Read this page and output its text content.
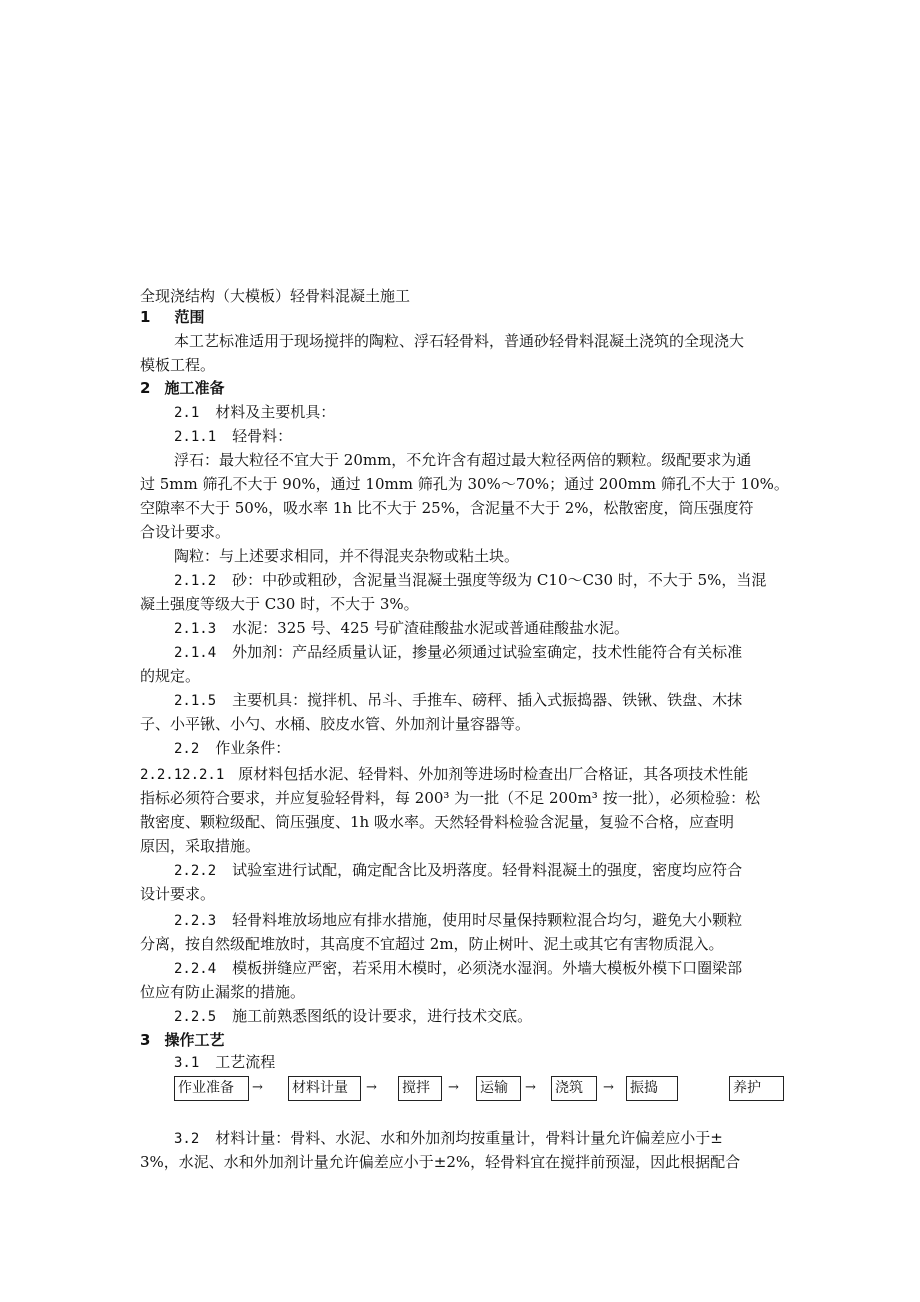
全现浇结构（大模板）轻骨料混凝土施工
1 范围
本工艺标准适用于现场搅拌的陶粒、浮石轻骨料，普通砂轻骨料混凝土浇筑的全现浇大
模板工程。
2 施工准备
2.1 材料及主要机具：
2.1.1 轻骨料：
浮石：最大粒径不宜大于 20mm，不允许含有超过最大粒径两倍的颗粒。级配要求为通
过 5mm 筛孔不大于 90%，通过 10mm 筛孔为 30%～70%；通过 200mm 筛孔不大于 10%。
空隙率不大于 50%，吸水率 1h 比不大于 25%，含泥量不大于 2%，松散密度，筒压强度符
合设计要求。
陶粒：与上述要求相同，并不得混夹杂物或粘土块。
2.1.2 砂：中砂或粗砂，含泥量当混凝土强度等级为 C10～C30 时，不大于 5%，当混
凝土强度等级大于 C30 时，不大于 3%。
2.1.3 水泥：325 号、425 号矿渣硅酸盐水泥或普通硅酸盐水泥。
2.1.4 外加剂：产品经质量认证，掺量必须通过试验室确定，技术性能符合有关标准
的规定。
2.1.5 主要机具：搅拌机、吊斗、手推车、磅秤、插入式振捣器、铁锹、铁盘、木抹
子、小平锹、小勺、水桶、胶皮水管、外加剂计量容器等。
2.2 作业条件：
2.2.12.2.1 原材料包括水泥、轻骨料、外加剂等进场时检查出厂合格证，其各项技术性能
指标必须符合要求，并应复验轻骨料，每 200³ 为一批（不足 200m³ 按一批），必须检验：松
散密度、颗粒级配、筒压强度、1h 吸水率。天然轻骨料检验含泥量，复验不合格，应查明
原因，采取措施。
2.2.2 试验室进行试配，确定配含比及坍落度。轻骨料混凝土的强度，密度均应符合
设计要求。
2.2.3 轻骨料堆放场地应有排水措施，使用时尽量保持颗粒混合均匀，避免大小颗粒
分离，按自然级配堆放时，其高度不宜超过 2m，防止树叶、泥土或其它有害物质混入。
2.2.4 模板拼缝应严密，若采用木模时，必须浇水湿润。外墙大模板外模下口圈梁部
位应有防止漏浆的措施。
2.2.5 施工前熟悉图纸的设计要求，进行技术交底。
3 操作工艺
3.1 工艺流程
作业准备	→ 材料计量	→ 搅拌	→ 运输	→ 浇筑	→ 振捣	养护
3.2 材料计量：骨料、水泥、水和外加剂均按重量计，骨料计量允许偏差应小于±
3%，水泥、水和外加剂计量允许偏差应小于±2%，轻骨料宜在搅拌前预湿，因此根据配合
